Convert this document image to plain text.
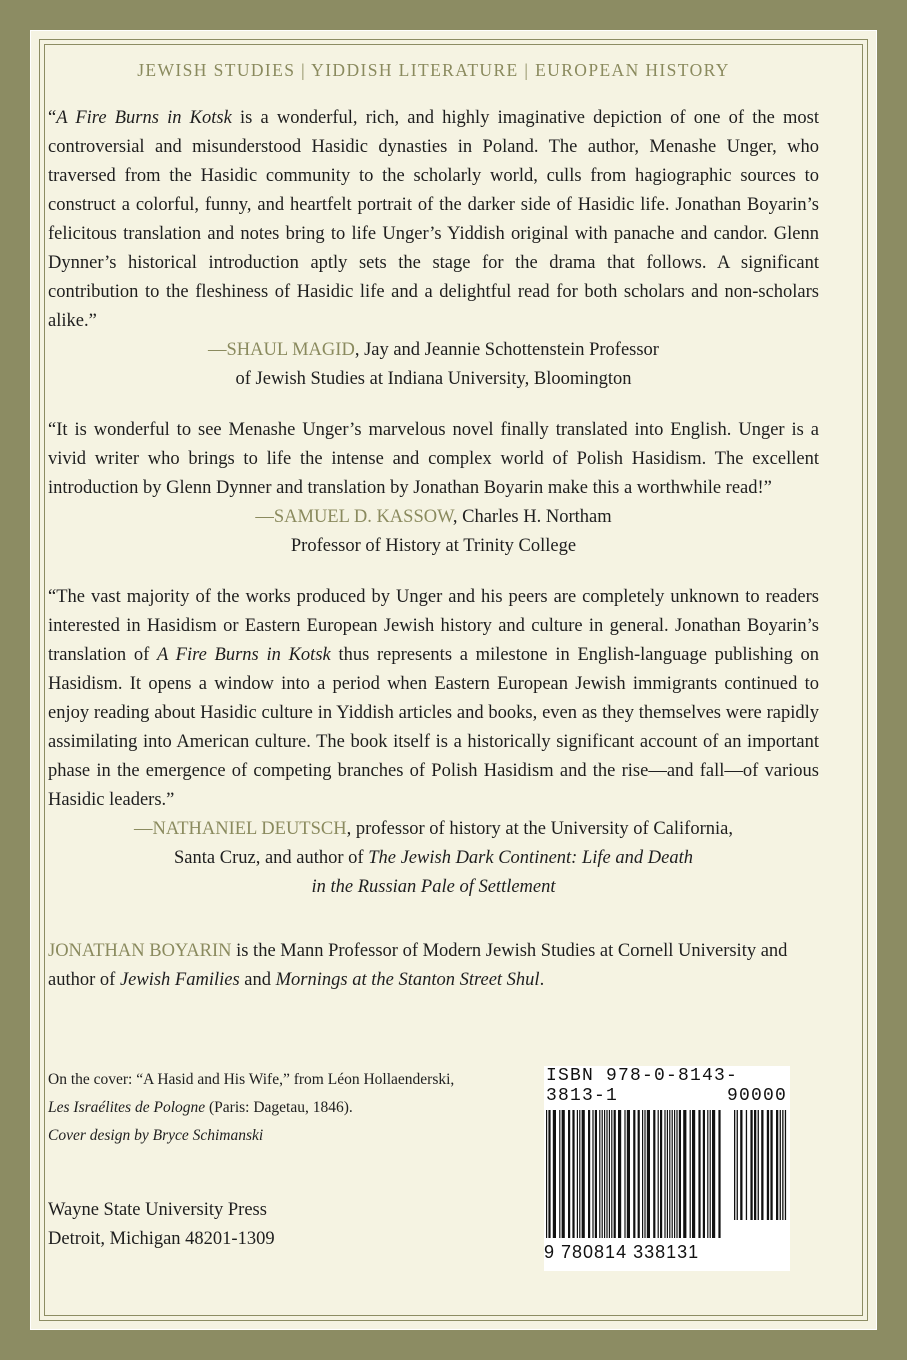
JEWISH STUDIES | YIDDISH LITERATURE | EUROPEAN HISTORY

“A Fire Burns in Kotsk is a wonderful, rich, and highly imaginative depiction of one of the most controversial and misunderstood Hasidic dynasties in Poland. The author, Menashe Unger, who traversed from the Hasidic community to the scholarly world, culls from hagiographic sources to construct a colorful, funny, and heartfelt portrait of the darker side of Hasidic life. Jonathan Boyarin’s felicitous translation and notes bring to life Unger’s Yiddish original with panache and candor. Glenn Dynner’s historical introduction aptly sets the stage for the drama that follows. A significant contribution to the fleshiness of Hasidic life and a delightful read for both scholars and non-scholars alike.”

—SHAUL MAGID, Jay and Jeannie Schottenstein Professor
of Jewish Studies at Indiana University, Bloomington

“It is wonderful to see Menashe Unger’s marvelous novel finally translated into English. Unger is a vivid writer who brings to life the intense and complex world of Polish Hasidism. The excellent introduction by Glenn Dynner and translation by Jonathan Boyarin make this a worthwhile read!”

—SAMUEL D. KASSOW, Charles H. Northam
Professor of History at Trinity College

“The vast majority of the works produced by Unger and his peers are completely unknown to readers interested in Hasidism or Eastern European Jewish history and culture in general. Jonathan Boyarin’s translation of A Fire Burns in Kotsk thus represents a milestone in English-language publishing on Hasidism. It opens a window into a period when Eastern European Jewish immigrants continued to enjoy reading about Hasidic culture in Yiddish articles and books, even as they themselves were rapidly assimilating into American culture. The book itself is a historically significant account of an important phase in the emergence of competing branches of Polish Hasidism and the rise—and fall—of various Hasidic leaders.”

—NATHANIEL DEUTSCH, professor of history at the University of California,
Santa Cruz, and author of The Jewish Dark Continent: Life and Death
in the Russian Pale of Settlement

JONATHAN BOYARIN is the Mann Professor of Modern Jewish Studies at Cornell University and author of Jewish Families and Mornings at the Stanton Street Shul.

On the cover: “A Hasid and His Wife,” from Léon Hollaenderski,
Les Israélites de Pologne (Paris: Dagetau, 1846).
Cover design by Bryce Schimanski
Wayne State University Press
Detroit, Michigan 48201-1309
ISBN 978-0-8143-3813-1	90000
9 780814 338131
